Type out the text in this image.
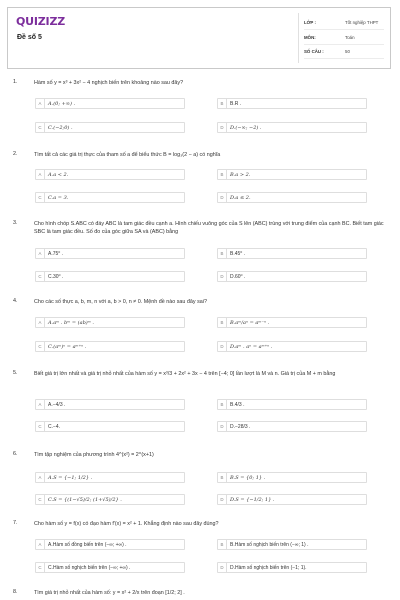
QUIZIZZ
Đề số 5
LỚP :	Tốt nghiệp THPT
MÔN:	Toán
SỐ CÂU :	50
1.	Hàm số y = x³ + 3x² − 4 nghịch biến trên khoảng nào sau đây?
A	A.(0; +∞) .	B	B.R .
C	C.(−2;0) .	D	D.(−∞; −2) .
2.	Tìm tất cả các giá trị thực của tham số a để biểu thức B = log₃(2 − a) có nghĩa
A	A.a < 2.	B	B.a > 2.
C	C.a = 3.	D	D.a ≤ 2.
3.	Cho hình chóp S.ABC có đáy ABC là tam giác đều cạnh a. Hình chiếu vuông góc của S lên (ABC) trùng với trung điểm của cạnh BC. Biết tam giác SBC là tam giác đều. Số đo của góc giữa SA và (ABC) bằng
A	A.75⁰ .	B	B.45⁰ .
C	C.30⁰ .	D	D.60⁰ .
4.	Cho các số thực a, b, m, n với a, b > 0, n ≠ 0. Mệnh đề nào sau đây sai?
A	A.aᵐ . bᵐ = (ab)ᵐ .	B	B.aᵐ/aⁿ = aᵐ⁻ⁿ .
C	C.(aᵐ)ⁿ = aᵐ⁺ⁿ .	D	D.aᵐ . aⁿ = aᵐ⁺ⁿ .
5.	Biết giá trị lớn nhất và giá trị nhỏ nhất của hàm số y = x³/3 + 2x² + 3x − 4 trên [−4; 0] lần lượt là M và n. Giá trị của M + m bằng
A	A.−4/3 .	B	B.4/3 .
C	C.−4.	D	D.−28/3 .
6.	Tìm tập nghiệm của phương trình 4^(x²) = 2^(x+1)
A	A.S = {−1; 1/2} .	B	B.S = {0; 1} .
C	C.S = {(1−√5)/2; (1+√5)/2} .	D	D.S = {−1/2; 1} .
7.	Cho hàm số y = f(x) có đạo hàm f′(x) = x² + 1. Khẳng định nào sau đây đúng?
A	A.Hàm số đồng biến trên (−∞; +∞) .	B	B.Hàm số nghịch biến trên (−∞; 1) .
C	C.Hàm số nghịch biến trên (−∞; +∞) .	D	D.Hàm số nghịch biến trên (−1; 1).
8.	Tìm giá trị nhỏ nhất của hàm số: y = x² + 2/x trên đoạn [1/2; 2] .
